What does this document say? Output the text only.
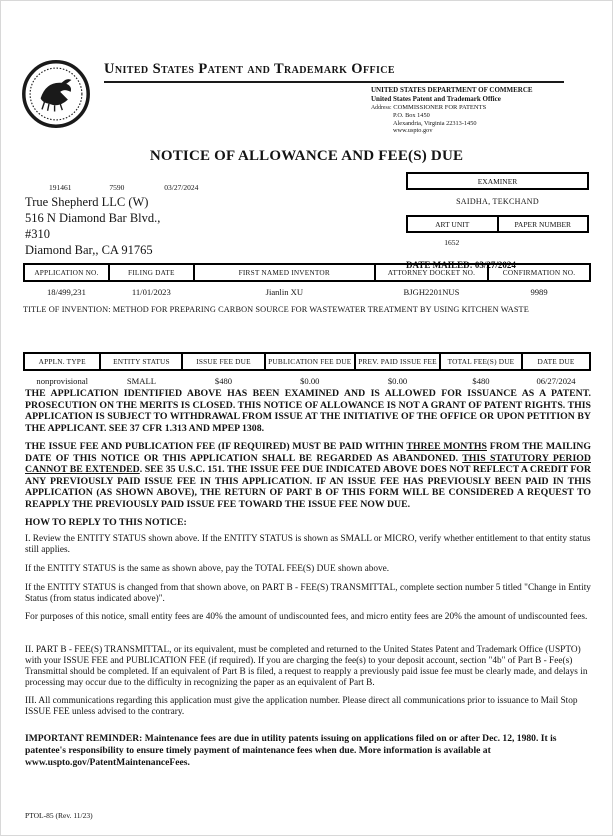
United States Patent and Trademark Office
UNITED STATES DEPARTMENT OF COMMERCE
United States Patent and Trademark Office
Address: COMMISSIONER FOR PATENTS
P.O. Box 1450
Alexandria, Virginia 22313-1450
www.uspto.gov
NOTICE OF ALLOWANCE AND FEE(S) DUE
191461	7590	03/27/2024
True Shepherd LLC (W)
516 N Diamond Bar Blvd.,
#310
Diamond Bar,, CA 91765
EXAMINER
SAIDHA, TEKCHAND
ART UNIT	PAPER NUMBER
1652
DATE MAILED: 03/27/2024
APPLICATION NO.	FILING DATE	FIRST NAMED INVENTOR	ATTORNEY DOCKET NO.	CONFIRMATION NO.
18/499,231	11/01/2023	Jianlin XU	BJGH2201NUS	9989
TITLE OF INVENTION: METHOD FOR PREPARING CARBON SOURCE FOR WASTEWATER TREATMENT BY USING KITCHEN WASTE
APPLN. TYPE	ENTITY STATUS	ISSUE FEE DUE	PUBLICATION FEE DUE	PREV. PAID ISSUE FEE	TOTAL FEE(S) DUE	DATE DUE
nonprovisional	SMALL	$480	$0.00	$0.00	$480	06/27/2024

THE APPLICATION IDENTIFIED ABOVE HAS BEEN EXAMINED AND IS ALLOWED FOR ISSUANCE AS A PATENT. PROSECUTION ON THE MERITS IS CLOSED. THIS NOTICE OF ALLOWANCE IS NOT A GRANT OF PATENT RIGHTS. THIS APPLICATION IS SUBJECT TO WITHDRAWAL FROM ISSUE AT THE INITIATIVE OF THE OFFICE OR UPON PETITION BY THE APPLICANT. SEE 37 CFR 1.313 AND MPEP 1308.

THE ISSUE FEE AND PUBLICATION FEE (IF REQUIRED) MUST BE PAID WITHIN THREE MONTHS FROM THE MAILING DATE OF THIS NOTICE OR THIS APPLICATION SHALL BE REGARDED AS ABANDONED. THIS STATUTORY PERIOD CANNOT BE EXTENDED. SEE 35 U.S.C. 151. THE ISSUE FEE DUE INDICATED ABOVE DOES NOT REFLECT A CREDIT FOR ANY PREVIOUSLY PAID ISSUE FEE IN THIS APPLICATION. IF AN ISSUE FEE HAS PREVIOUSLY BEEN PAID IN THIS APPLICATION (AS SHOWN ABOVE), THE RETURN OF PART B OF THIS FORM WILL BE CONSIDERED A REQUEST TO REAPPLY THE PREVIOUSLY PAID ISSUE FEE TOWARD THE ISSUE FEE NOW DUE.

HOW TO REPLY TO THIS NOTICE:

I. Review the ENTITY STATUS shown above. If the ENTITY STATUS is shown as SMALL or MICRO, verify whether entitlement to that entity status still applies.

If the ENTITY STATUS is the same as shown above, pay the TOTAL FEE(S) DUE shown above.

If the ENTITY STATUS is changed from that shown above, on PART B - FEE(S) TRANSMITTAL, complete section number 5 titled "Change in Entity Status (from status indicated above)".

For purposes of this notice, small entity fees are 40% the amount of undiscounted fees, and micro entity fees are 20% the amount of undiscounted fees.

II. PART B - FEE(S) TRANSMITTAL, or its equivalent, must be completed and returned to the United States Patent and Trademark Office (USPTO) with your ISSUE FEE and PUBLICATION FEE (if required). If you are charging the fee(s) to your deposit account, section "4b" of Part B - Fee(s) Transmittal should be completed. If an equivalent of Part B is filed, a request to reapply a previously paid issue fee must be clearly made, and delays in processing may occur due to the difficulty in recognizing the paper as an equivalent of Part B.

III. All communications regarding this application must give the application number. Please direct all communications prior to issuance to Mail Stop ISSUE FEE unless advised to the contrary.

IMPORTANT REMINDER: Maintenance fees are due in utility patents issuing on applications filed on or after Dec. 12, 1980. It is patentee's responsibility to ensure timely payment of maintenance fees when due. More information is available at www.uspto.gov/PatentMaintenanceFees.
PTOL-85 (Rev. 11/23)
